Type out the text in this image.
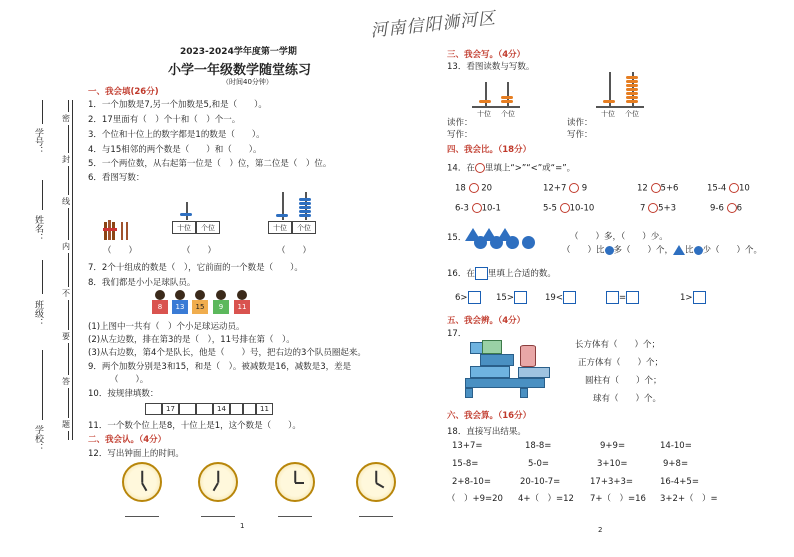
河南信阳浉河区
密
封
线
内
不
要
答
题
学号：
姓名：
班级：
学校：
2023-2024学年度第一学期
小学一年级数学随堂练习
（时间40分钟）
一、我会填(26分)
1．一个加数是7,另一个加数是5,和是（　　）。
2．17里面有（　）个十和（　）个一。
3．个位和十位上的数字都是1的数是（　　）。
4．与15相邻的两个数是（　　）和（　　）。
5．一个两位数，从右起第一位是（　）位，第二位是（　）位。
6．看图写数：
（　　）
十位	个位
（　　）
十位	个位
（　　）
7．2个十组成的数是（　），它前面的一个数是（　　）。
8．我们都是小小足球队员。
8	13	15	9	11
(1)上图中一共有（　）个小足球运动员。
(2)从左边数，排在第3的是（　），11号排在第（　）。
(3)从右边数，第4个是队长，他是（　　）号，把右边的3个队员圈起来。
9．两个加数分别是3和15，和是（　）。被减数是16，减数是3，差是
（　　）。
10．按规律填数：
17	14	11
11．一个数个位上是8，十位上是1，这个数是（　　）。
二、我会认。（4分）
12．写出钟面上的时间。
1
三、我会写。（4分）
13．看图读数与写数。
十位 个位
读作：
写作：
十位 个位
读作：
写作：
四、我会比。（18分）
14．在 里填上“>”“<”或“=”。
18 20	12+7 9	12 5+6	15-4 10
6-3 10-1	5-5 10-10	7 5+3	9-6 6
15．	（　　）多，（　　）少。
（　　）比 多（　　）个， 比 少（　　）个。
16．在 里填上合适的数。
6>	15>	19<	=	1>
五、我会辨。（4分）
17．
长方体有（　　）个；
正方体有（　　）个；
圆柱有（　　）个；
球有（　　）个。
六、我会算。（16分）
18．直接写出结果。
13+7=	18-8=	9+9=	14-10=
15-8=	5-0=	3+10=	9+8=
2+8-10=	20-10-7=	17+3+3=	16-4+5=
（　）+9=20 4+（　）=12 7+（　）=16 3+2+（　）=
2
